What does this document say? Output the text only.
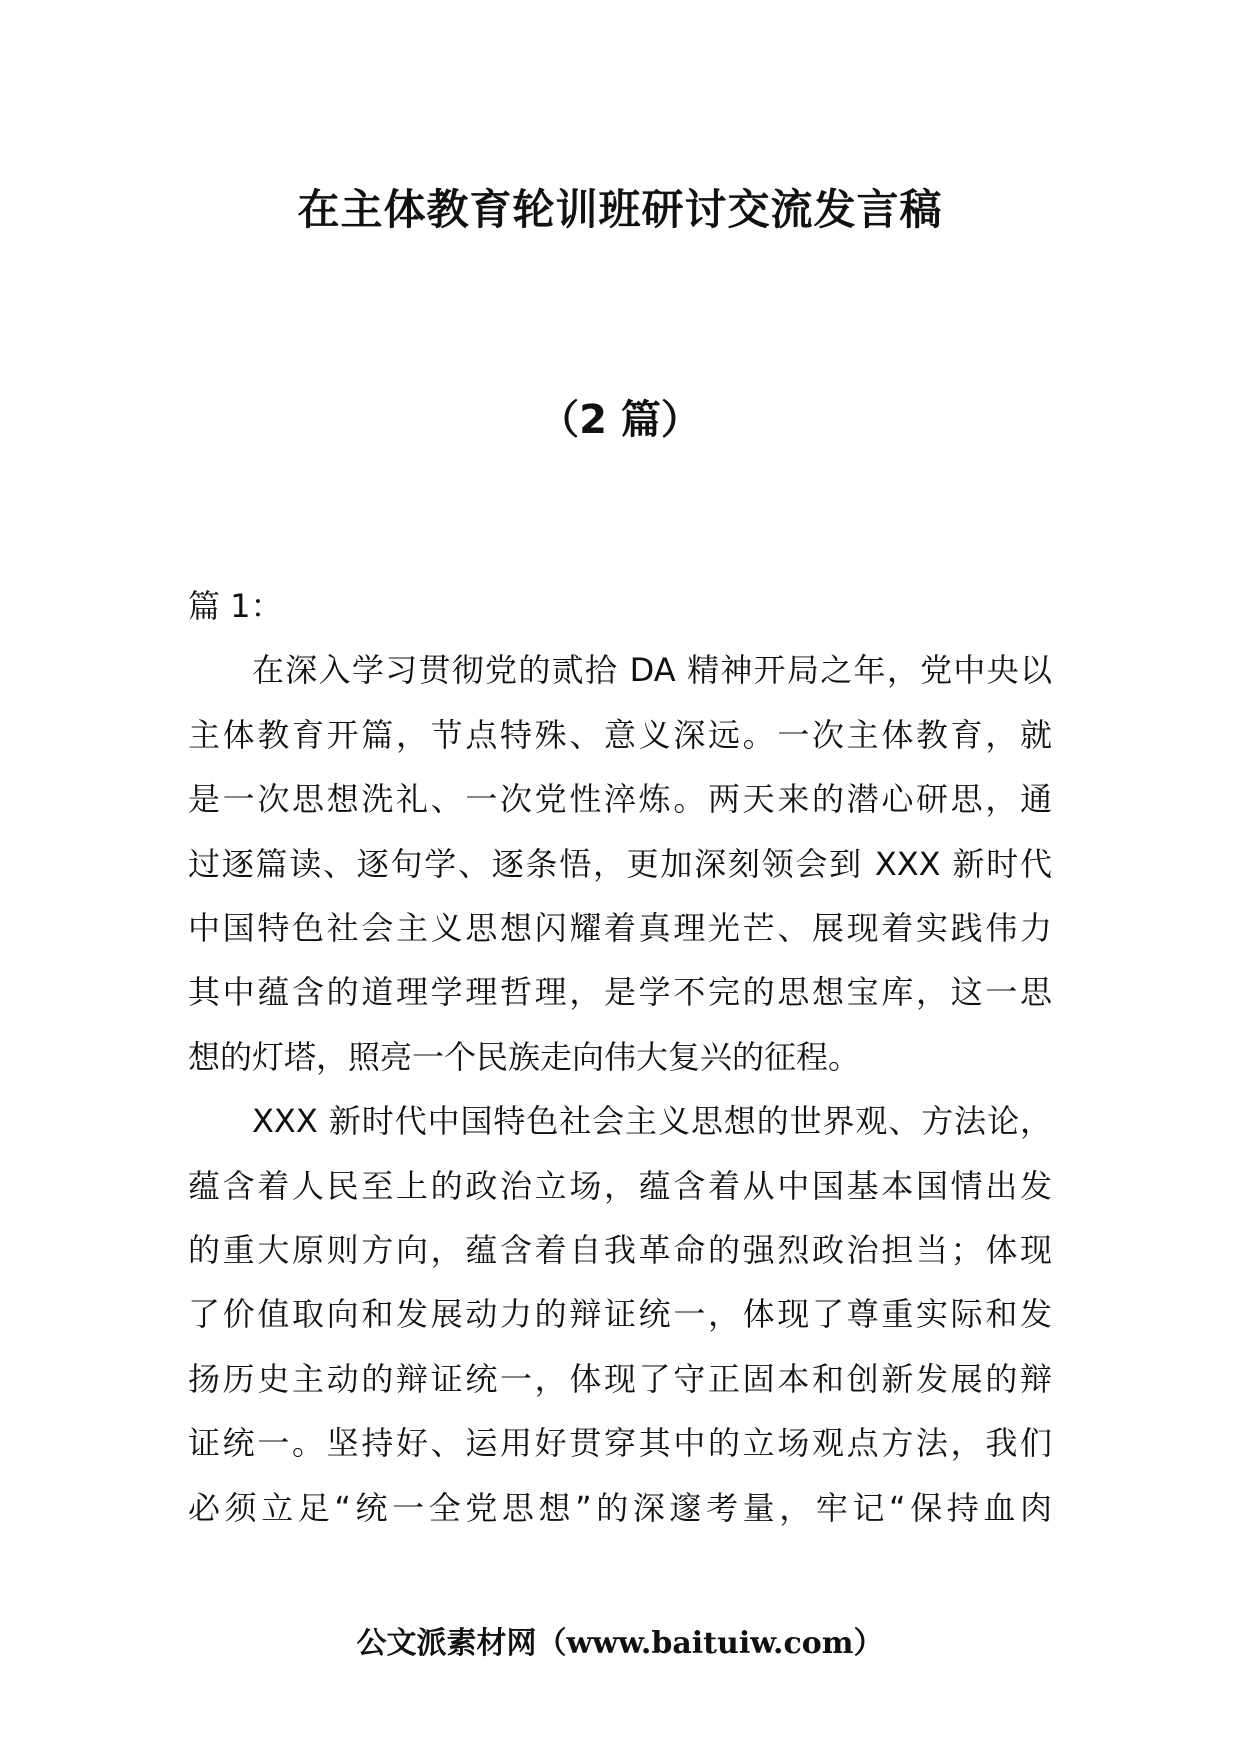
在主体教育轮训班研讨交流发言稿
（2 篇）

篇 1：

在深入学习贯彻党的贰拾 DA 精神开局之年，党中央以
主体教育开篇，节点特殊、意义深远。一次主体教育，就
是一次思想洗礼、一次党性淬炼。两天来的潜心研思，通
过逐篇读、逐句学、逐条悟，更加深刻领会到 XXX 新时代
中国特色社会主义思想闪耀着真理光芒、展现着实践伟力
其中蕴含的道理学理哲理，是学不完的思想宝库，这一思
想的灯塔，照亮一个民族走向伟大复兴的征程。

XXX 新时代中国特色社会主义思想的世界观、方法论，
蕴含着人民至上的政治立场，蕴含着从中国基本国情出发
的重大原则方向，蕴含着自我革命的强烈政治担当；体现
了价值取向和发展动力的辩证统一，体现了尊重实际和发
扬历史主动的辩证统一，体现了守正固本和创新发展的辩
证统一。坚持好、运用好贯穿其中的立场观点方法，我们
必须立足“统一全党思想”的深邃考量，牢记“保持血肉

公文派素材网（www.baituiw.com）
